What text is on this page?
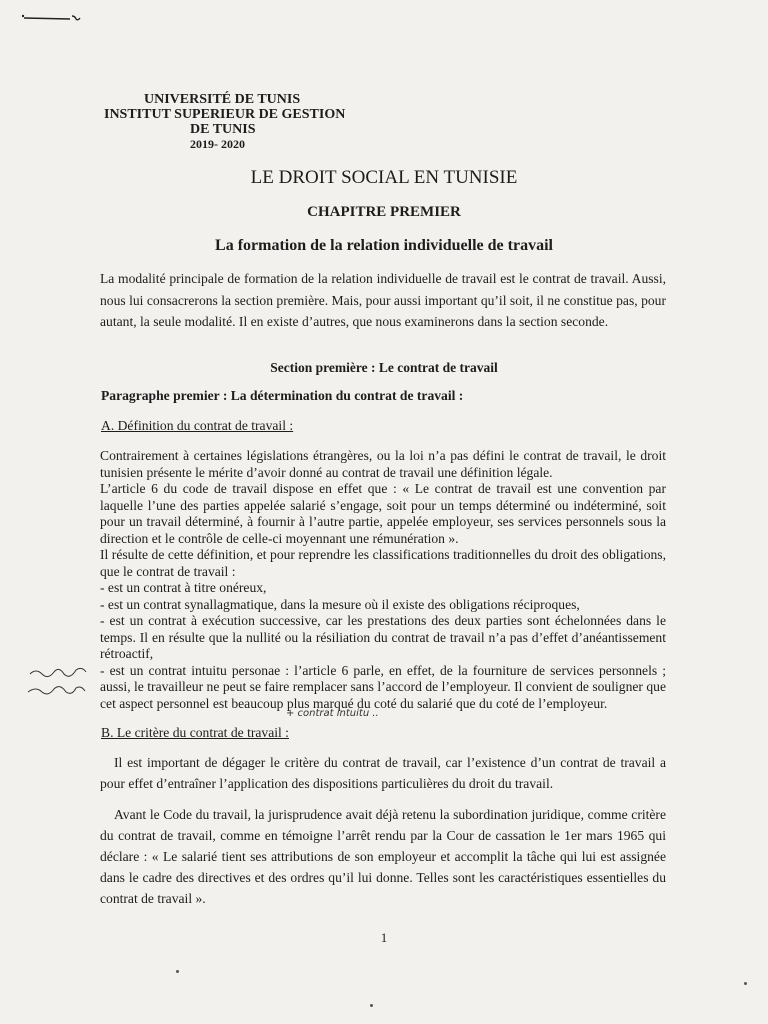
UNIVERSITÉ DE TUNIS
INSTITUT SUPERIEUR DE GESTION
DE TUNIS
2019- 2020
LE DROIT SOCIAL EN TUNISIE
CHAPITRE PREMIER
La formation de la relation individuelle de travail

La modalité principale de formation de la relation individuelle de travail est le contrat de travail. Aussi, nous lui consacrerons la section première. Mais, pour aussi important qu’il soit, il ne constitue pas, pour autant, la seule modalité. Il en existe d’autres, que nous examinerons dans la section seconde.

Section première : Le contrat de travail
Paragraphe premier : La détermination du contrat de travail :
A. Définition du contrat de travail :
Contrairement à certaines législations étrangères, ou la loi n’a pas défini le contrat de travail, le droit tunisien présente le mérite d’avoir donné au contrat de travail une définition légale.
L’article 6 du code de travail dispose en effet que : « Le contrat de travail est une convention par laquelle l’une des parties appelée salarié s’engage, soit pour un temps déterminé ou indéterminé, soit pour un travail déterminé, à fournir à l’autre partie, appelée employeur, ses services personnels sous la direction et le contrôle de celle-ci moyennant une rémunération ».
Il résulte de cette définition, et pour reprendre les classifications traditionnelles du droit des obligations, que le contrat de travail :
- est un contrat à titre onéreux,
- est un contrat synallagmatique, dans la mesure où il existe des obligations réciproques,
- est un contrat à exécution successive, car les prestations des deux parties sont échelonnées dans le temps. Il en résulte que la nullité ou la résiliation du contrat de travail n’a pas d’effet d’anéantissement rétroactif,
- est un contrat intuitu personae : l’article 6 parle, en effet, de la fourniture de services personnels ; aussi, le travailleur ne peut se faire remplacer sans l’accord de l’employeur. Il convient de souligner que cet aspect personnel est beaucoup plus marqué du coté du salarié que du coté de l’employeur.
+ contrat intuitu ..
B. Le critère du contrat de travail :

Il est important de dégager le critère du contrat de travail, car l’existence d’un contrat de travail a pour effet d’entraîner l’application des dispositions particulières du droit du travail.

Avant le Code du travail, la jurisprudence avait déjà retenu la subordination juridique, comme critère du contrat de travail, comme en témoigne l’arrêt rendu par la Cour de cassation le 1er mars 1965 qui déclare : « Le salarié tient ses attributions de son employeur et accomplit la tâche qui lui est assignée dans le cadre des directives et des ordres qu’il lui donne. Telles sont les caractéristiques essentielles du contrat de travail ».

1
